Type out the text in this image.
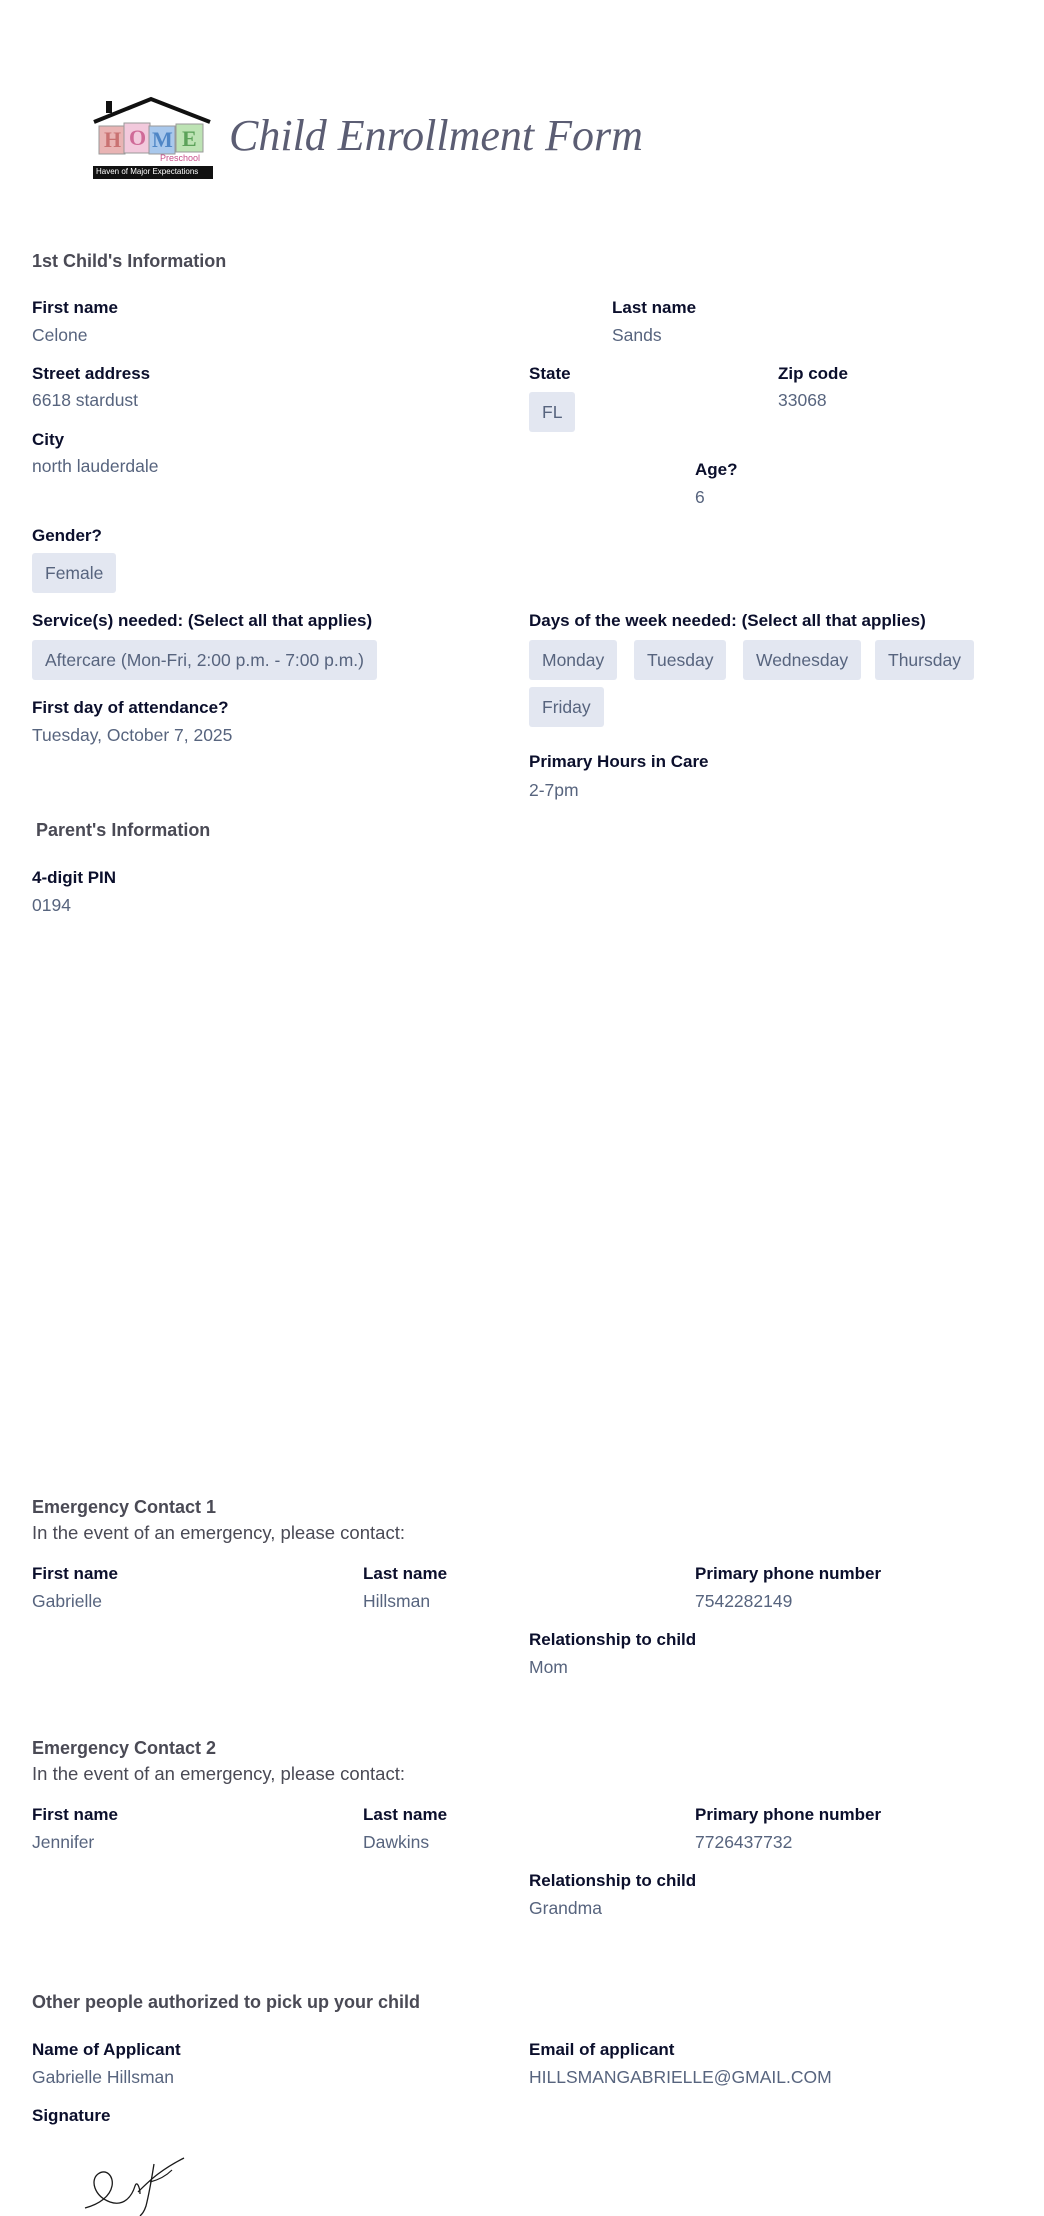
H O M E
Preschool
Haven of Major Expectations
Child Enrollment Form
1st Child's Information
First name
Celone
Last name
Sands
Street address
6618 stardust
State
FL
Zip code
33068
City
north lauderdale	Age?
6
Gender?
Female
Service(s) needed: (Select all that applies)
Aftercare (Mon-Fri, 2:00 p.m. - 7:00 p.m.)
Days of the week needed: (Select all that applies)
Monday	Tuesday	Wednesday	Thursday
Friday
First day of attendance?
Tuesday, October 7, 2025
Primary Hours in Care
2-7pm
Parent's Information
4-digit PIN
0194
Emergency Contact 1
In the event of an emergency, please contact:
First name
Gabrielle
Last name
Hillsman
Primary phone number
7542282149
Relationship to child
Mom
Emergency Contact 2
In the event of an emergency, please contact:
First name
Jennifer
Last name
Dawkins
Primary phone number
7726437732
Relationship to child
Grandma
Other people authorized to pick up your child
Name of Applicant
Gabrielle Hillsman
Email of applicant
HILLSMANGABRIELLE@GMAIL.COM
Signature
